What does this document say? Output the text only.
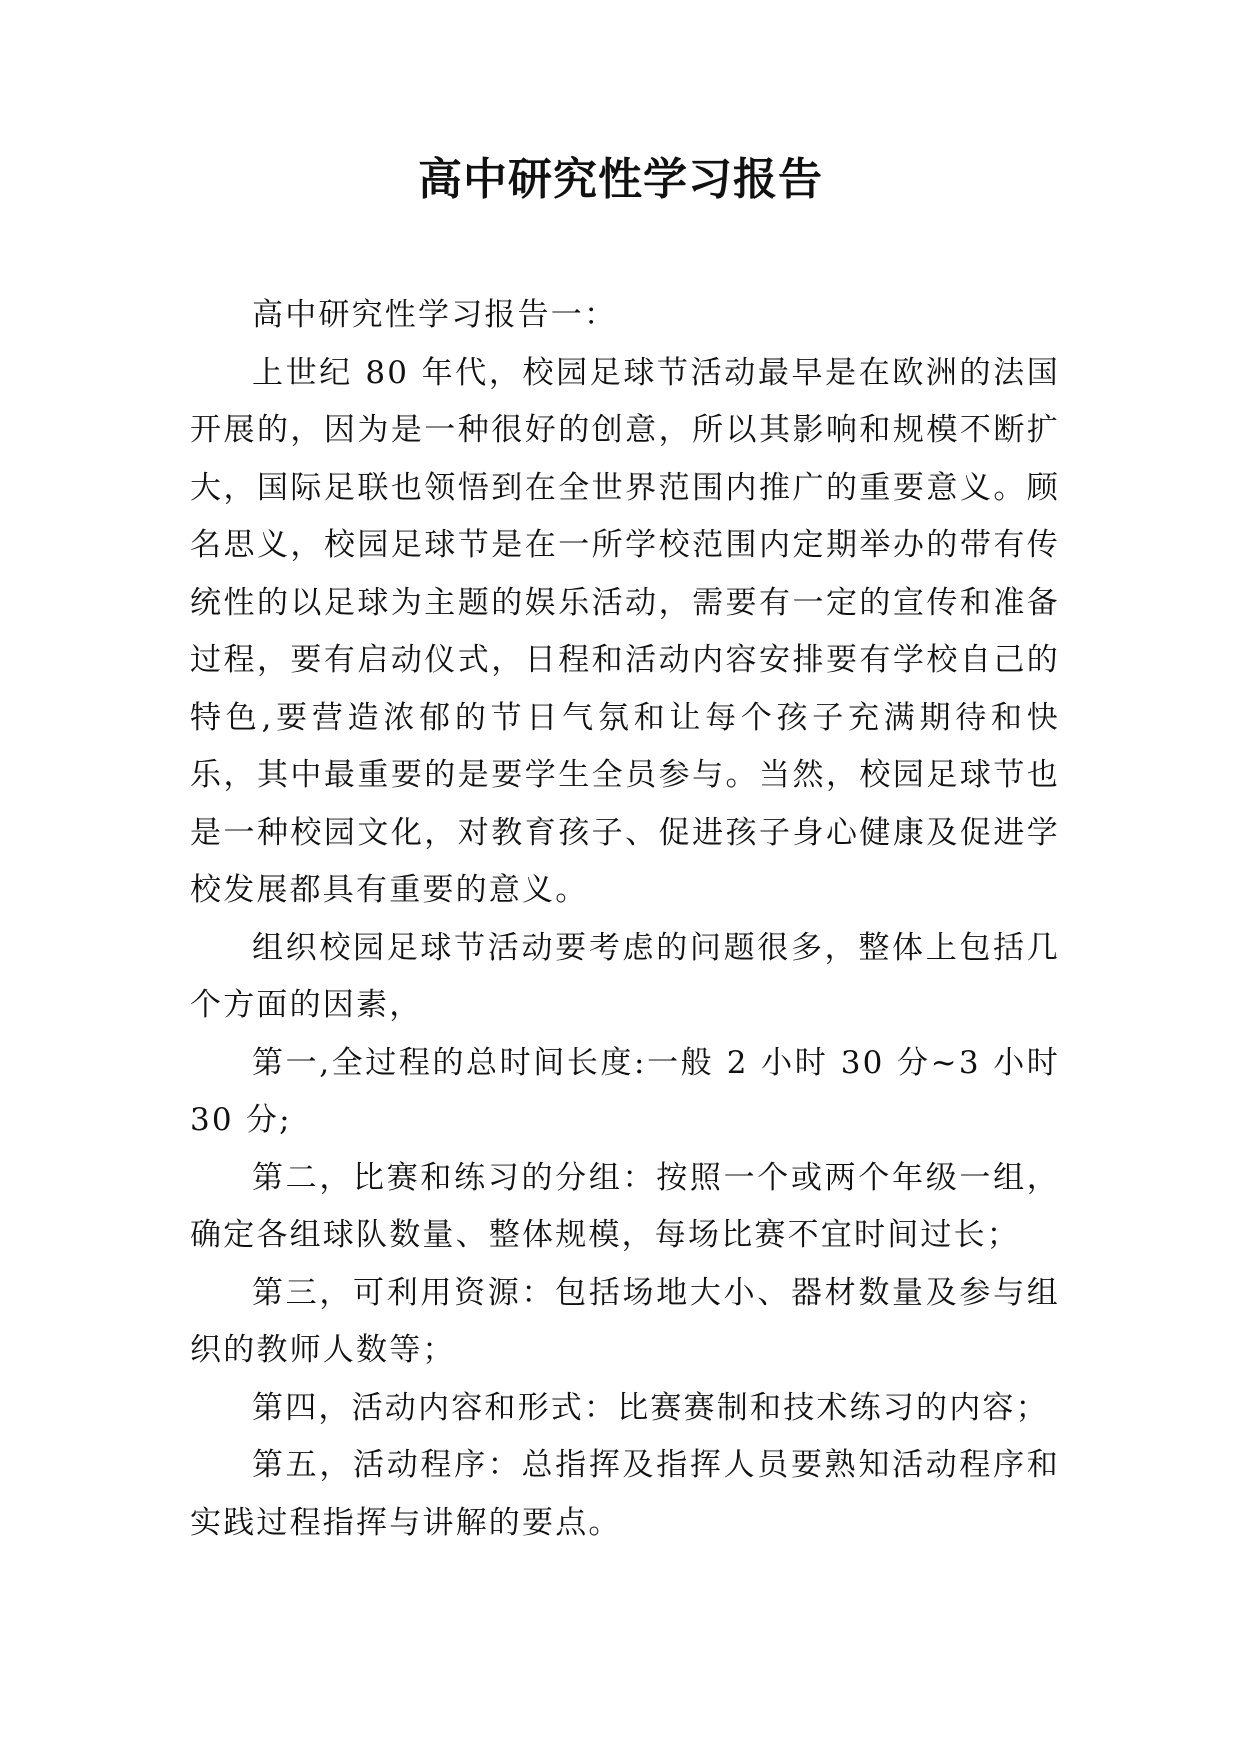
高中研究性学习报告

高中研究性学习报告一：

上世纪 80 年代，校园足球节活动最早是在欧洲的法国开展的，因为是一种很好的创意，所以其影响和规模不断扩大，国际足联也领悟到在全世界范围内推广的重要意义。顾名思义，校园足球节是在一所学校范围内定期举办的带有传统性的以足球为主题的娱乐活动，需要有一定的宣传和准备过程，要有启动仪式，日程和活动内容安排要有学校自己的特色,要营造浓郁的节日气氛和让每个孩子充满期待和快乐，其中最重要的是要学生全员参与。当然，校园足球节也是一种校园文化，对教育孩子、促进孩子身心健康及促进学校发展都具有重要的意义。

组织校园足球节活动要考虑的问题很多，整体上包括几个方面的因素，

第一,全过程的总时间长度:一般 2 小时 30 分~3 小时 30 分;

第二，比赛和练习的分组：按照一个或两个年级一组，确定各组球队数量、整体规模，每场比赛不宜时间过长；

第三，可利用资源：包括场地大小、器材数量及参与组织的教师人数等；

第四，活动内容和形式：比赛赛制和技术练习的内容；

第五，活动程序：总指挥及指挥人员要熟知活动程序和实践过程指挥与讲解的要点。
